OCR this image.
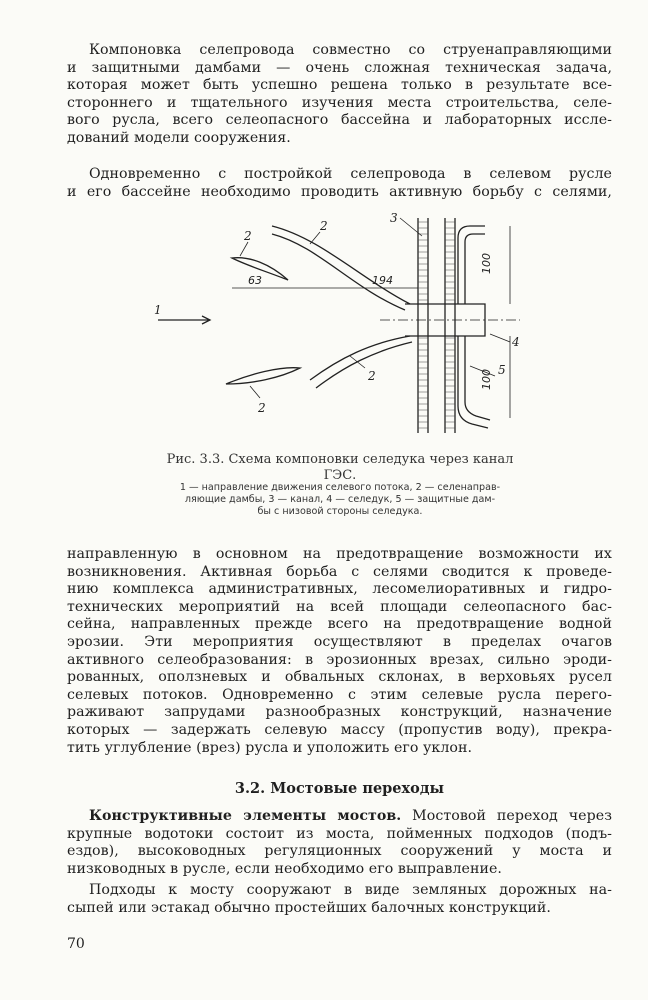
Компоновка селепровода совместно со струенаправляющими
и защитными дамбами — очень сложная техническая задача,
которая может быть успешно решена только в результате все-
стороннего и тщательного изучения места строительства, селе-
вого русла, всего селеопасного бассейна и лабораторных иссле-
дований модели сооружения.
Одновременно с постройкой селепровода в селевом русле
и его бассейне необходимо проводить активную борьбу с селями,
1
2
2
2
2
3
4
5
63	194
100
100
Рис. 3.3. Схема компоновки селедука через канал
ГЭС.
1 — направление движения селевого потока, 2 — селенаправ-
ляющие дамбы, 3 — канал, 4 — селедук, 5 — защитные дам-
бы с низовой стороны селедука.
направленную в основном на предотвращение возможности их
возникновения. Активная борьба с селями сводится к проведе-
нию комплекса административных, лесомелиоративных и гидро-
технических мероприятий на всей площади селеопасного бас-
сейна, направленных прежде всего на предотвращение водной
эрозии. Эти мероприятия осуществляют в пределах очагов
активного селеобразования: в эрозионных врезах, сильно эроди-
рованных, оползневых и обвальных склонах, в верховьях русел
селевых потоков. Одновременно с этим селевые русла перего-
раживают запрудами разнообразных конструкций, назначение
которых — задержать селевую массу (пропустив воду), прекра-
тить углубление (врез) русла и уположить его уклон.
3.2. Мостовые переходы
Конструктивные элементы мостов. Мостовой переход через
крупные водотоки состоит из моста, пойменных подходов (подъ-
ездов), высоководных регуляционных сооружений у моста и
низководных в русле, если необходимо его выправление.
Подходы к мосту сооружают в виде земляных дорожных на-
сыпей или эстакад обычно простейших балочных конструкций.
70
